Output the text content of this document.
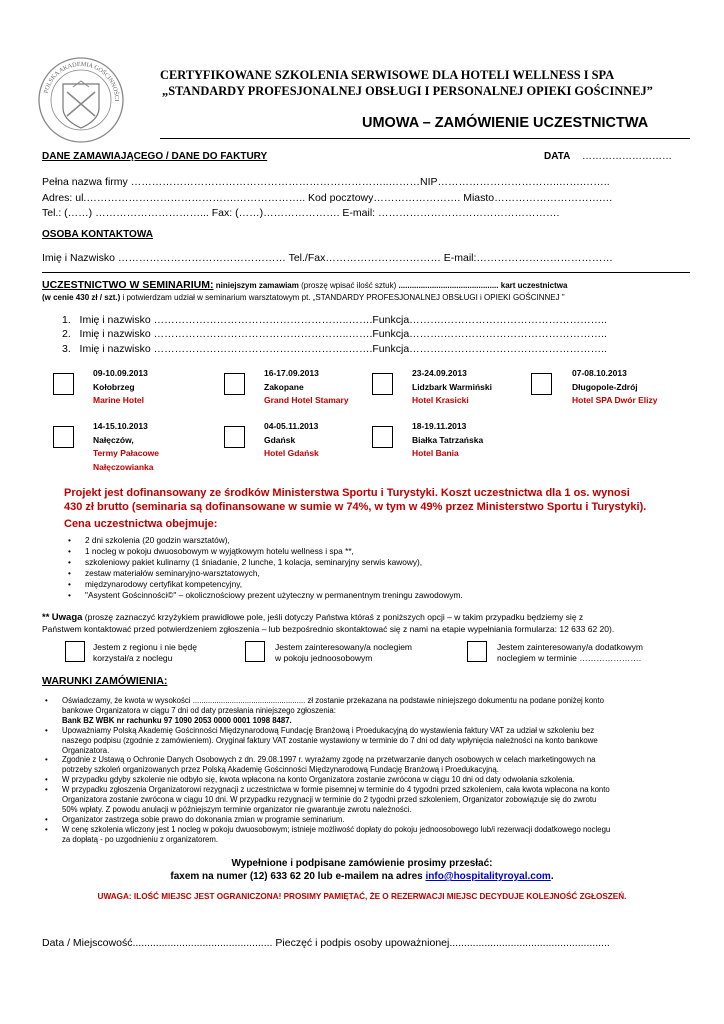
POLSKA AKADEMIA GOŚCINNOŚCI
CERTYFIKOWANE SZKOLENIA SERWISOWE DLA HOTELI WELLNESS I SPA
„STANDARDY PROFESJONALNEJ OBSŁUGI I PERSONALNEJ OPIEKI GOŚCINNEJ”
UMOWA – ZAMÓWIENIE UCZESTNICTWA
DANE ZAMAWIAJĄCEGO / DANE DO FAKTURY	DATA ………………………
Pełna nazwa firmy ………………………………………………………………..………NIP……………………………..…….……..
Adres: ul.…………………………………….……………….. Kod pocztowy……………………. Miasto………………………….…
Tel.: (……) …………………………... Fax: (……)…………………. E-mail: …………………………………………….
OSOBA KONTAKTOWA
Imię i Nazwisko ………………………………………… Tel./Fax…………………………… E-mail:…………………………………
UCZESTNICTWO W SEMINARIUM: niniejszym zamawiam (proszę wpisać ilość sztuk) ............................................. kart uczestnictwa
(w cenie 430 zł / szt.) i potwierdzam udział w seminarium warsztatowym pt. „STANDARDY PROFESJONALNEJ OBSŁUGI i OPIEKI GOŚCINNEJ ”
1. Imię i nazwisko ………………………………………………..…….Funkcja……….………………………………………..
2. Imię i nazwisko ………………………………………………..…….Funkcja……….………………………………………..
3. Imię i nazwisko ………………………………………………..…….Funkcja……….………………………………………..
09-10.09.2013
Kołobrzeg
Marine Hotel
16-17.09.2013
Zakopane
Grand Hotel Stamary
23-24.09.2013
Lidzbark Warmiński
Hotel Krasicki
07-08.10.2013
Długopole-Zdrój
Hotel SPA Dwór Elizy
14-15.10.2013
Nałęczów,
Termy Pałacowe
Nałęczowianka
04-05.11.2013
Gdańsk
Hotel Gdańsk
18-19.11.2013
Białka Tatrzańska
Hotel Bania
Projekt jest dofinansowany ze środków Ministerstwa Sportu i Turystyki. Koszt uczestnictwa dla 1 os. wynosi
430 zł brutto (seminaria są dofinansowane w sumie w 74%, w tym w 49% przez Ministerstwo Sportu i Turystyki).
Cena uczestnictwa obejmuje:
• 2 dni szkolenia (20 godzin warsztatów),
• 1 nocleg w pokoju dwuosobowym w wyjątkowym hotelu wellness i spa **,
• szkoleniowy pakiet kulinarny (1 śniadanie, 2 lunche, 1 kolacja, seminaryjny serwis kawowy),
• zestaw materiałów seminaryjno-warsztatowych,
• międzynarodowy certyfikat kompetencyjny,
• "Asystent Gościnności©" – okolicznościowy prezent użyteczny w permanentnym treningu zawodowym.
** Uwaga (proszę zaznaczyć krzyżykiem prawidłowe pole, jeśli dotyczy Państwa któraś z poniższych opcji – w takim przypadku będziemy się z
Państwem kontaktować przed potwierdzeniem zgłoszenia – lub bezpośrednio skontaktować się z nami na etapie wypełniania formularza: 12 633 62 20).
Jestem z regionu i nie będę
korzystał/a z noclegu
Jestem zainteresowany/a noclegiem
w pokoju jednoosobowym
Jestem zainteresowany/a dodatkowym
noclegiem w terminie ………………….
WARUNKI ZAMÓWIENIA:
• Oświadczamy, że kwota w wysokości .................................................... zł zostanie przekazana na podstawie niniejszego dokumentu na podane poniżej konto
bankowe Organizatora w ciągu 7 dni od daty przesłania niniejszego zgłoszenia:
Bank BZ WBK nr rachunku 97 1090 2053 0000 0001 1098 8487.
• Upoważniamy Polską Akademię Gościnności Międzynarodową Fundację Branżową i Proedukacyjną do wystawienia faktury VAT za udział w szkoleniu bez
naszego podpisu (zgodnie z zamówieniem). Oryginał faktury VAT zostanie wystawiony w terminie do 7 dni od daty wpłynięcia należności na konto bankowe
Organizatora.
• Zgodnie z Ustawą o Ochronie Danych Osobowych z dn. 29.08.1997 r. wyrażamy zgodę na przetwarzanie danych osobowych w celach marketingowych na
potrzeby szkoleń organizowanych przez Polską Akademię Gościnności Międzynarodową Fundację Branżową i Proedukacyjną.
• W przypadku gdyby szkolenie nie odbyło się, kwota wpłacona na konto Organizatora zostanie zwrócona w ciągu 10 dni od daty odwołania szkolenia.
• W przypadku zgłoszenia Organizatorowi rezygnacji z uczestnictwa w formie pisemnej w terminie do 4 tygodni przed szkoleniem, cała kwota wpłacona na konto
Organizatora zostanie zwrócona w ciągu 10 dni. W przypadku rezygnacji w terminie do 2 tygodni przed szkoleniem, Organizator zobowiązuje się do zwrotu
50% wpłaty. Z powodu anulacji w późniejszym terminie organizator nie gwarantuje zwrotu należności.
• Organizator zastrzega sobie prawo do dokonania zmian w programie seminarium.
• W cenę szkolenia wliczony jest 1 nocleg w pokoju dwuosobowym; istnieje możliwość dopłaty do pokoju jednoosobowego lub/i rezerwacji dodatkowego noclegu
za dopłatą - po uzgodnieniu z organizatorem.
Wypełnione i podpisane zamówienie prosimy przesłać:
faxem na numer (12) 633 62 20 lub e-mailem na adres info@hospitalityroyal.com.
UWAGA: ILOŚĆ MIEJSC JEST OGRANICZONA! PROSIMY PAMIĘTAĆ, ŻE O REZERWACJI MIEJSC DECYDUJE KOLEJNOŚĆ ZGŁOSZEŃ.
Data / Miejscowość................................................ Pieczęć i podpis osoby upoważnionej.......................................................
